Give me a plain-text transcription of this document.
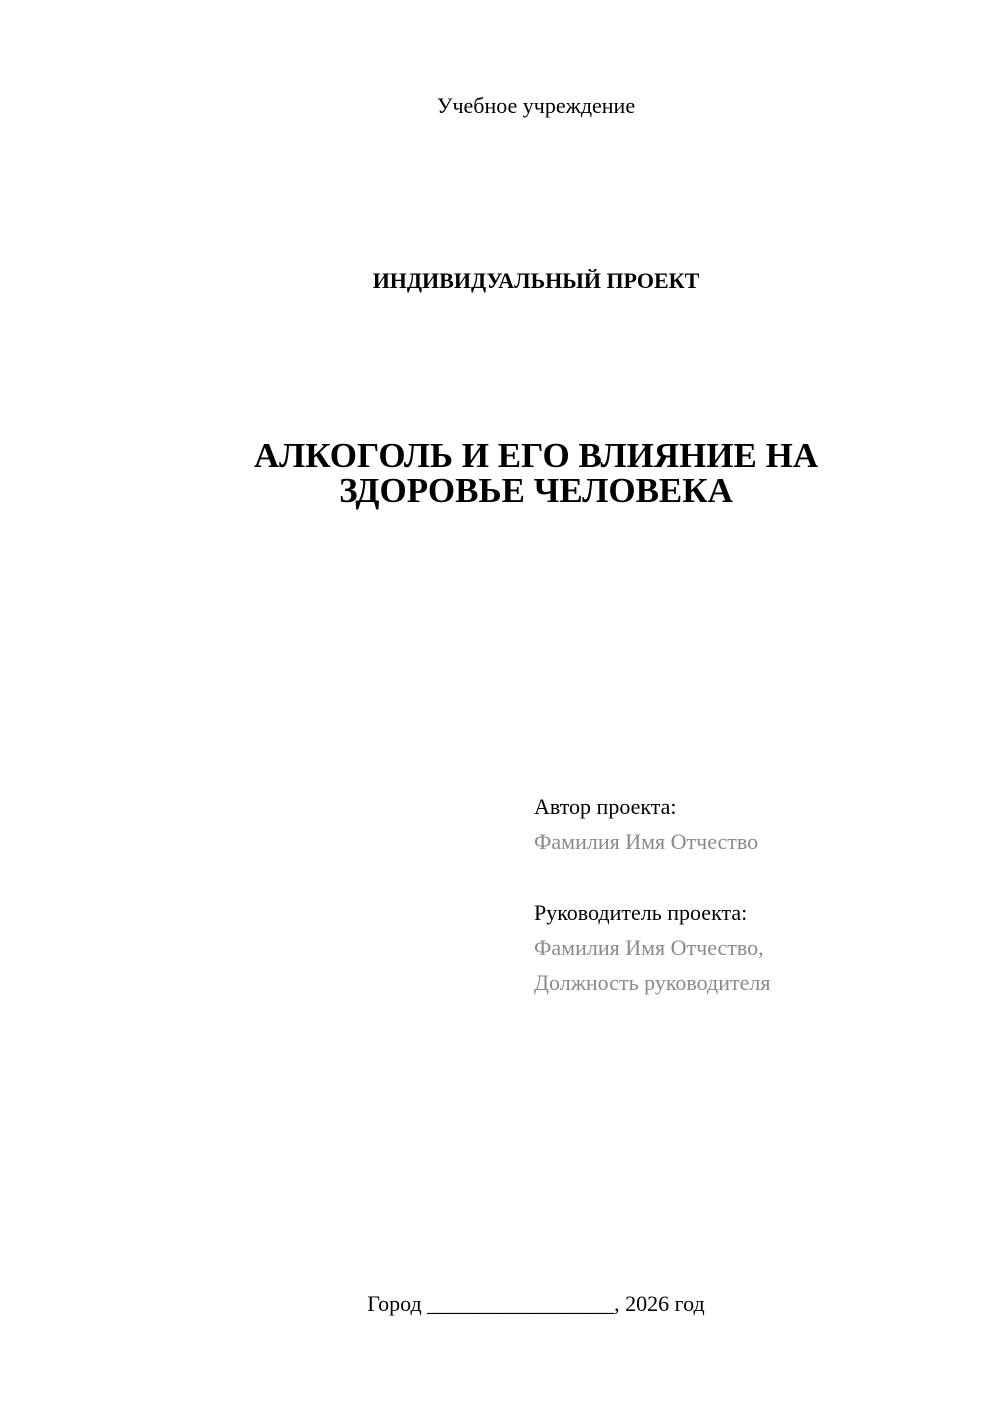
Учебное учреждение
ИНДИВИДУАЛЬНЫЙ ПРОЕКТ
АЛКОГОЛЬ И ЕГО ВЛИЯНИЕ НА
ЗДОРОВЬЕ ЧЕЛОВЕКА
Автор проекта:
Фамилия Имя Отчество
Руководитель проекта:
Фамилия Имя Отчество,
Должность руководителя
Город _________________, 2026 год
